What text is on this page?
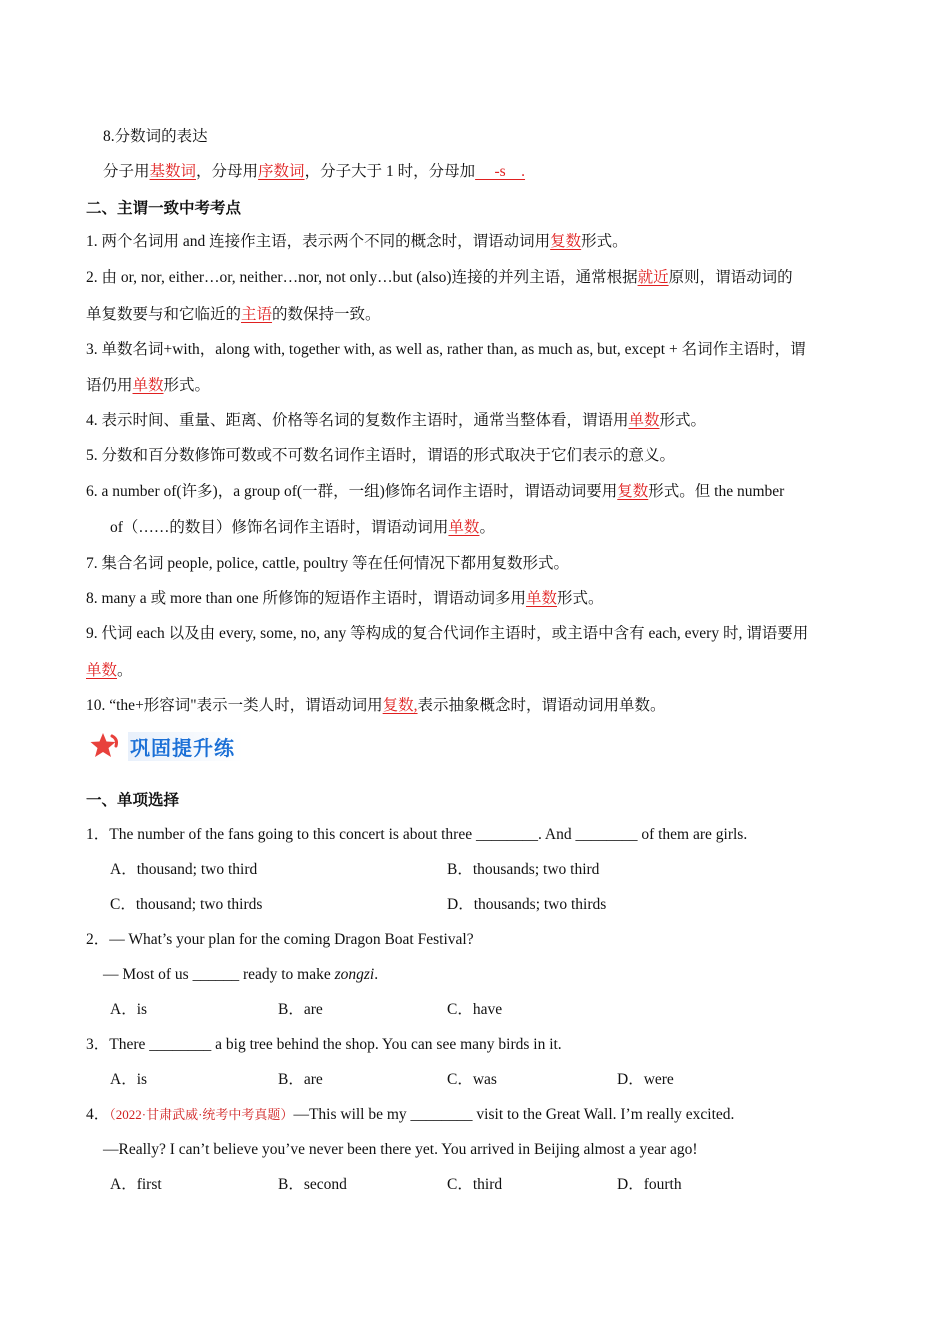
8.分数词的表达
分子用基数词，分母用序数词，分子大于 1 时，分母加     -s    .
二、主谓一致中考考点
1. 两个名词用 and 连接作主语，表示两个不同的概念时，谓语动词用复数形式。
2. 由 or, nor, either…or, neither…nor, not only…but (also)连接的并列主语，通常根据就近原则，谓语动词的
单复数要与和它临近的主语的数保持一致。
3. 单数名词+with，along with, together with, as well as, rather than, as much as, but, except + 名词作主语时，谓
语仍用单数形式。
4. 表示时间、重量、距离、价格等名词的复数作主语时，通常当整体看，谓语用单数形式。
5. 分数和百分数修饰可数或不可数名词作主语时，谓语的形式取决于它们表示的意义。
6. a number of(许多)，a group of(一群，一组)修饰名词作主语时，谓语动词要用复数形式。但 the number
of（……的数目）修饰名词作主语时，谓语动词用单数。
7. 集合名词 people, police, cattle, poultry 等在任何情况下都用复数形式。
8. many a 或 more than one 所修饰的短语作主语时，谓语动词多用单数形式。
9. 代词 each 以及由 every, some, no, any 等构成的复合代词作主语时，或主语中含有 each, every 时, 谓语要用
单数。
10. “the+形容词"表示一类人时，谓语动词用复数,表示抽象概念时，谓语动词用单数。
巩固提升练
一、单项选择
1．The number of the fans going to this concert is about three ________. And ________ of them are girls.
A．thousand; two third	B．thousands; two third
C．thousand; two thirds	D．thousands; two thirds
2．— What’s your plan for the coming Dragon Boat Festival?
— Most of us ______ ready to make zongzi.
A．is	B．are	C．have
3．There ________ a big tree behind the shop. You can see many birds in it.
A．is	B．are	C．was	D．were
4．（2022·甘肃武威·统考中考真题）—This will be my ________ visit to the Great Wall. I’m really excited.
—Really? I can’t believe you’ve never been there yet. You arrived in Beijing almost a year ago!
A．first	B．second	C．third	D．fourth
